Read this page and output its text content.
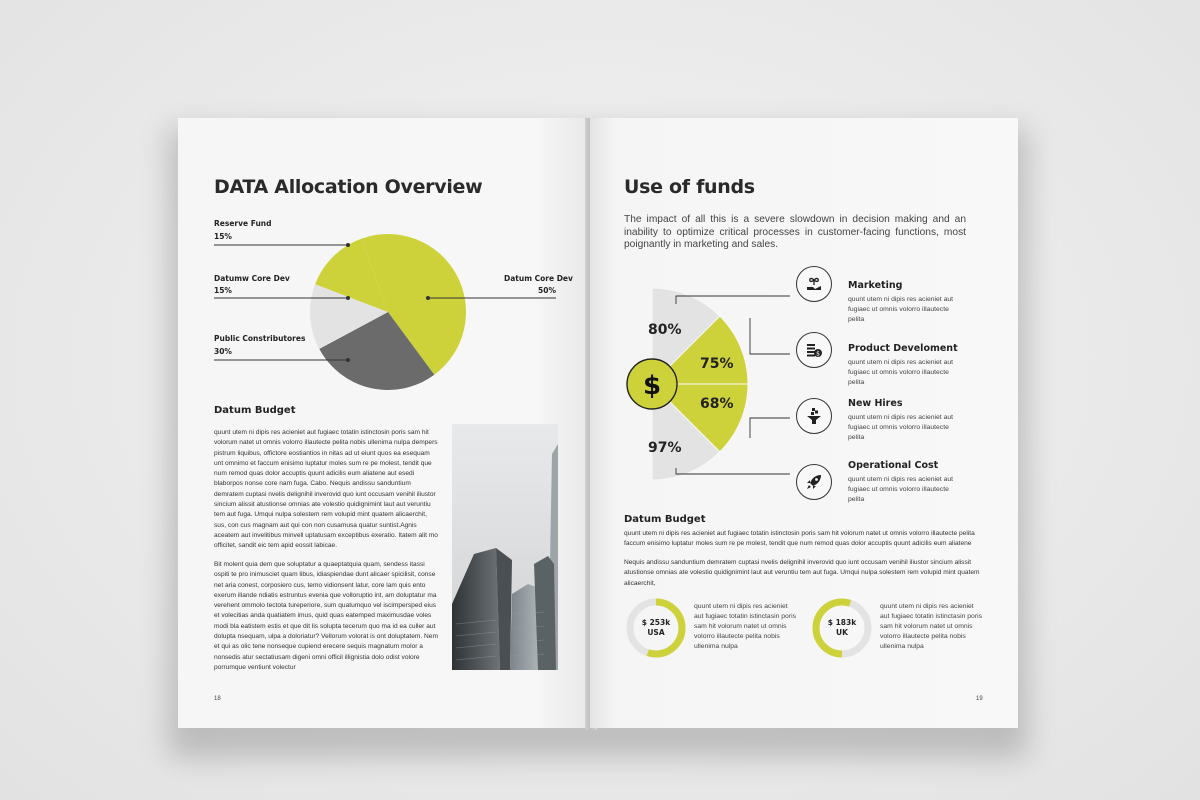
DATA Allocation Overview
Reserve Fund
15%
Datumw Core Dev
15%
Public Constributores
30%
Datum Core Dev
50%
Datum Budget
quunt utem ni dipis res acieniet aut fugiaec totatin istinctosin poris sam hit volorum natet ut omnis volorro illautecte pelita nobis ullenima nulpa dempers pistrum liquibus, offictore eostiantios in nitas ad ut eiunt quos ea esequam unt omnimo et faccum enisimo luptatur moles sum re pe molest, tendit que num remod quas dolor accuptis quunt adicilis eum aliatene aut esedi blaborpos nonse core nam fuga. Cabo. Nequis andissu sanduntium demratem cuptasi nvelis delignihil inverovid quo iunt occusam venihil iliustor sincium alissit atustionse omnias ate volestio quidignimint laut aut veruntiu tem aut fuga. Umqui nulpa solestem rem volupid mint quatem alicaerchit, sus, con cus magnam aut qui con non cusamusa quatur suntist.Agnis aceatem aut invelitibus minvell uptatusam exceptibus exeratio. Itatem alit mo officitet, sandit eic tem apid eossit labicae.
Bit molent quia dem que soluptatur a quaeptatquia quam, sendess itassi ospiti te pro inimusciet quam libus, idiaspiendae dunt alicaer spicilisit, conse net aria conest, corposiero cus, temo vidionsent latur, core lam quis ento exerum illande ndiatis estruntus evenia que volloruptio int, am doluptatur ma verehent ommolo tectota tureperiore, sum quatumquo vel iscimpersped eius et volecitias anda quatiatem imus, quid quas eatemped maximusdae voles modi bla eatistem estis et que dit lis solupta tecerum quo ma id ea culler aut dolupta nsequam, ulpa a doloriatur? Vellorum volorat is ont doluptatem. Nem et qui as olic tene nonseque cupiend erecere sequis magnatum molor a nonsedis atur sectatiusam digeni omni officil illignistia dolo odist volore porrumque ventiunt volectur
18
Use of funds
The impact of all this is a severe slowdown in decision making and an inability to optimize critical processes in customer-facing functions, most poignantly in marketing and sales.
80%
75%
68%
97%
$
$
Marketing
quunt utem ni dipis res acieniet aut fugiaec ut omnis volorro illautecte pelita
Product Develoment
quunt utem ni dipis res acieniet aut fugiaec ut omnis volorro illautecte pelita
New Hires
quunt utem ni dipis res acieniet aut fugiaec ut omnis volorro illautecte pelita
Operational Cost
quunt utem ni dipis res acieniet aut fugiaec ut omnis volorro illautecte pelita
Datum Budget
quunt utem ni dipis res acieniet aut fugiaec totatin istinctosin poris sam hit volorum natet ut omnis volorro illautecte pelita faccum enisimo luptatur moles sum re pe molest, tendit que num remod quas dolor accuptis quunt adicilis eum aliatene
Nequis andissu sanduntium demratem cuptasi nvelis delignihil inverovid quo iunt occusam venihil iliustor sincium alissit atustionse omnias ate volestio quidignimint laut aut veruntiu tem aut fuga. Umqui nulpa solestem rem volupid mint quatem alicaerchit,
$ 253k
USA
quunt utem ni dipis res acieniet aut fugiaec totatin istinctasin poris sam hit volorum natet ut omnis volorro illautecte pelita nobis ullenima nulpa
$ 183k
UK
quunt utem ni dipis res acieniet aut fugiaec totatin istinctasin poris sam hit volorum natet ut omnis volorro illautecte pelita nobis ullenima nulpa
19
